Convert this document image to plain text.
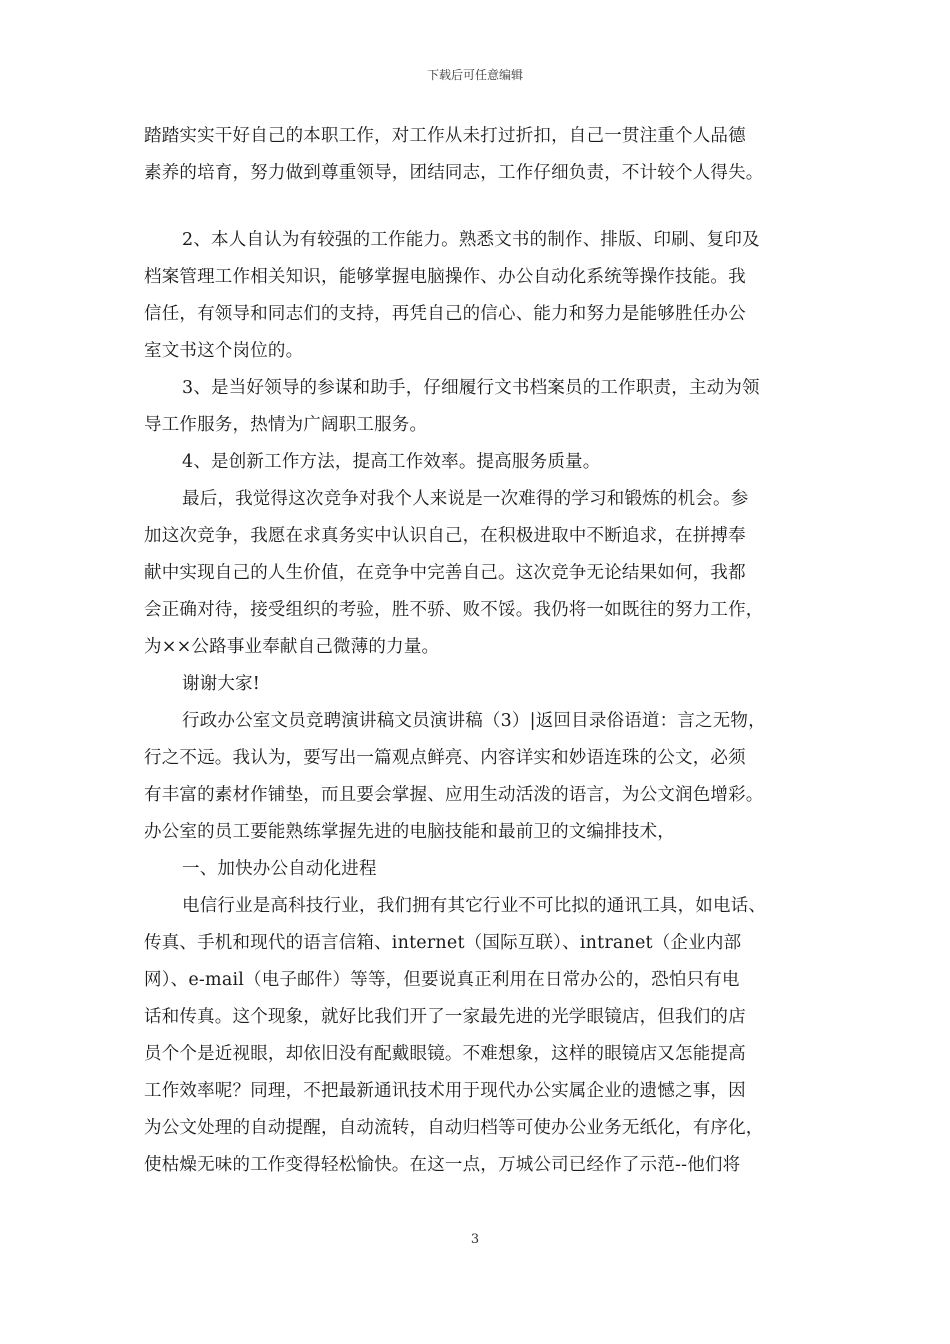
下载后可任意编辑
踏踏实实干好自己的本职工作，对工作从未打过折扣，自己一贯注重个人品德
素养的培育，努力做到尊重领导，团结同志，工作仔细负责，不计较个人得失。
2、本人自认为有较强的工作能力。熟悉文书的制作、排版、印刷、复印及
档案管理工作相关知识，能够掌握电脑操作、办公自动化系统等操作技能。我
信任，有领导和同志们的支持，再凭自己的信心、能力和努力是能够胜任办公
室文书这个岗位的。
3、是当好领导的参谋和助手，仔细履行文书档案员的工作职责，主动为领
导工作服务，热情为广阔职工服务。
4、是创新工作方法，提高工作效率。提高服务质量。
最后，我觉得这次竞争对我个人来说是一次难得的学习和锻炼的机会。参
加这次竞争，我愿在求真务实中认识自己，在积极进取中不断追求，在拼搏奉
献中实现自己的人生价值，在竞争中完善自己。这次竞争无论结果如何，我都
会正确对待，接受组织的考验，胜不骄、败不馁。我仍将一如既往的努力工作，
为××公路事业奉献自己微薄的力量。
谢谢大家!
行政办公室文员竞聘演讲稿文员演讲稿（3）|返回目录俗语道：言之无物，
行之不远。我认为，要写出一篇观点鲜亮、内容详实和妙语连珠的公文，必须
有丰富的素材作铺垫，而且要会掌握、应用生动活泼的语言，为公文润色增彩。
办公室的员工要能熟练掌握先进的电脑技能和最前卫的文编排技术，
一、加快办公自动化进程
电信行业是高科技行业，我们拥有其它行业不可比拟的通讯工具，如电话、
传真、手机和现代的语言信箱、internet（国际互联）、intranet（企业内部
网）、e-mail（电子邮件）等等，但要说真正利用在日常办公的，恐怕只有电
话和传真。这个现象，就好比我们开了一家最先进的光学眼镜店，但我们的店
员个个是近视眼，却依旧没有配戴眼镜。不难想象，这样的眼镜店又怎能提高
工作效率呢？同理，不把最新通讯技术用于现代办公实属企业的遗憾之事，因
为公文处理的自动提醒，自动流转，自动归档等可使办公业务无纸化，有序化，
使枯燥无味的工作变得轻松愉快。在这一点，万城公司已经作了示范--他们将
3
